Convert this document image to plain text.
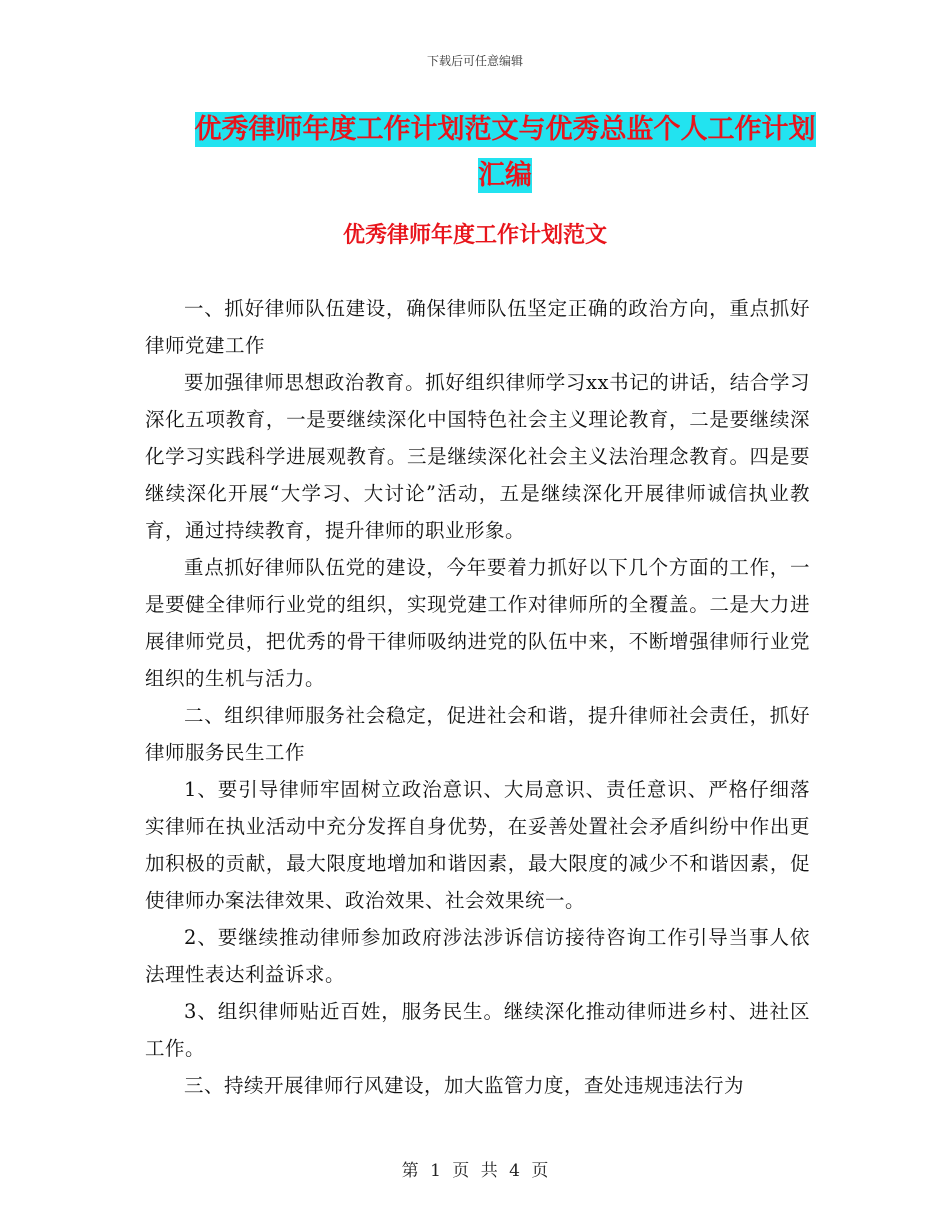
下载后可任意编辑
优秀律师年度工作计划范文与优秀总监个人工作计划
汇编
优秀律师年度工作计划范文

一、抓好律师队伍建设，确保律师队伍坚定正确的政治方向，重点抓好律师党建工作

要加强律师思想政治教育。抓好组织律师学习xx书记的讲话，结合学习深化五项教育，一是要继续深化中国特色社会主义理论教育，二是要继续深化学习实践科学进展观教育。三是继续深化社会主义法治理念教育。四是要继续深化开展“大学习、大讨论”活动，五是继续深化开展律师诚信执业教育，通过持续教育，提升律师的职业形象。

重点抓好律师队伍党的建设，今年要着力抓好以下几个方面的工作，一是要健全律师行业党的组织，实现党建工作对律师所的全覆盖。二是大力进展律师党员，把优秀的骨干律师吸纳进党的队伍中来，不断增强律师行业党组织的生机与活力。

二、组织律师服务社会稳定，促进社会和谐，提升律师社会责任，抓好律师服务民生工作

1、要引导律师牢固树立政治意识、大局意识、责任意识、严格仔细落实律师在执业活动中充分发挥自身优势，在妥善处置社会矛盾纠纷中作出更加积极的贡献，最大限度地增加和谐因素，最大限度的减少不和谐因素，促使律师办案法律效果、政治效果、社会效果统一。

2、要继续推动律师参加政府涉法涉诉信访接待咨询工作引导当事人依法理性表达利益诉求。

3、组织律师贴近百姓，服务民生。继续深化推动律师进乡村、进社区工作。

三、持续开展律师行风建设，加大监管力度，查处违规违法行为

第 1 页 共 4 页
